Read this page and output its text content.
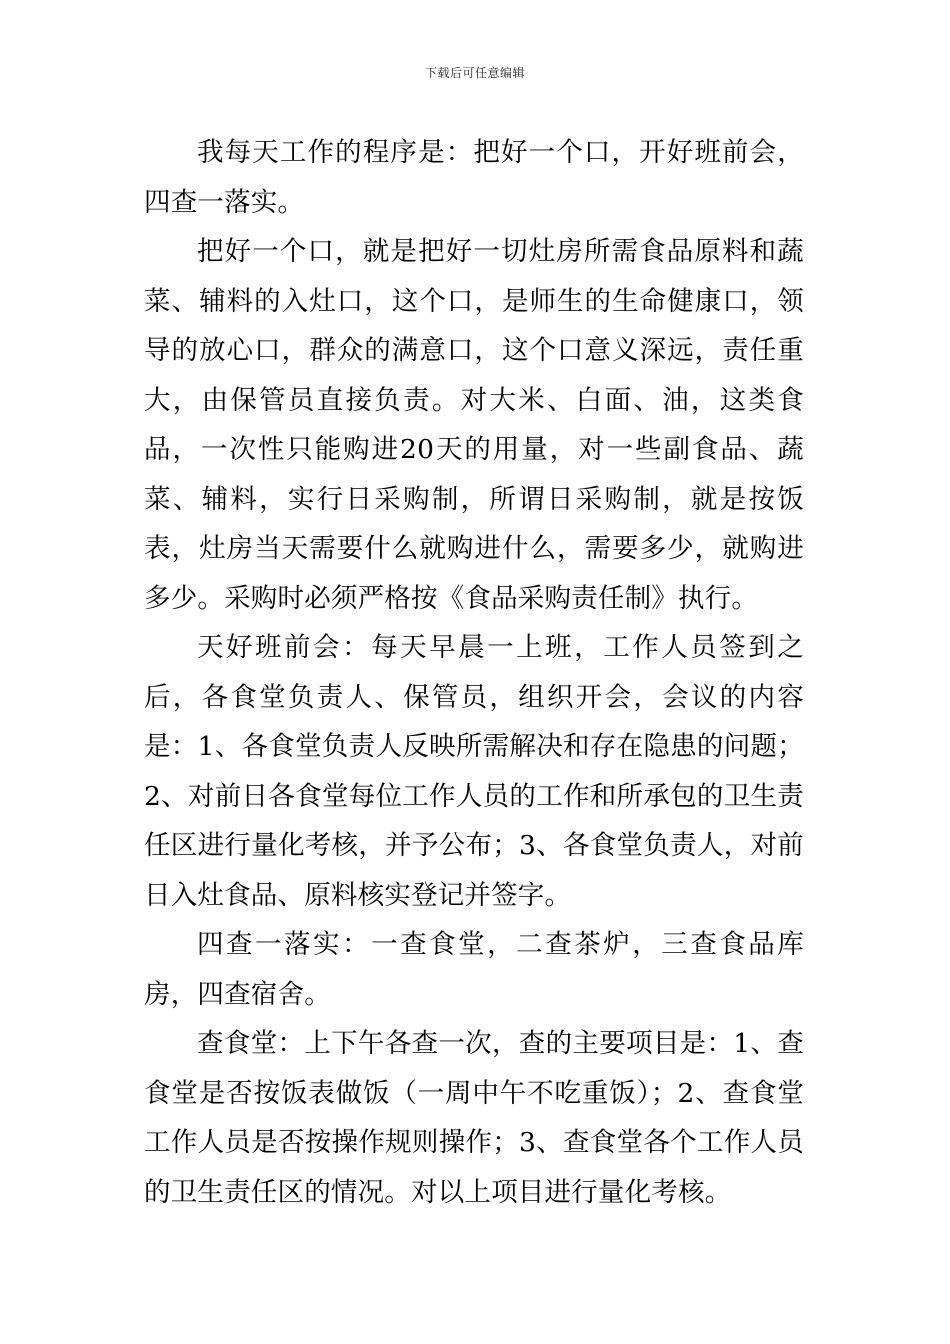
下载后可任意编辑

我每天工作的程序是：把好一个口，开好班前会，四查一落实。

把好一个口，就是把好一切灶房所需食品原料和蔬菜、辅料的入灶口，这个口，是师生的生命健康口，领导的放心口，群众的满意口，这个口意义深远，责任重大，由保管员直接负责。对大米、白面、油，这类食品，一次性只能购进20天的用量，对一些副食品、蔬菜、辅料，实行日采购制，所谓日采购制，就是按饭表，灶房当天需要什么就购进什么，需要多少，就购进多少。采购时必须严格按《食品采购责任制》执行。

天好班前会：每天早晨一上班，工作人员签到之后，各食堂负责人、保管员，组织开会，会议的内容是：1、各食堂负责人反映所需解决和存在隐患的问题； 2、对前日各食堂每位工作人员的工作和所承包的卫生责任区进行量化考核，并予公布；3、各食堂负责人，对前日入灶食品、原料核实登记并签字。

四查一落实：一查食堂，二查茶炉，三查食品库房，四查宿舍。

查食堂：上下午各查一次，查的主要项目是：1、查食堂是否按饭表做饭（一周中午不吃重饭）；2、查食堂工作人员是否按操作规则操作；3、查食堂各个工作人员的卫生责任区的情况。对以上项目进行量化考核。
